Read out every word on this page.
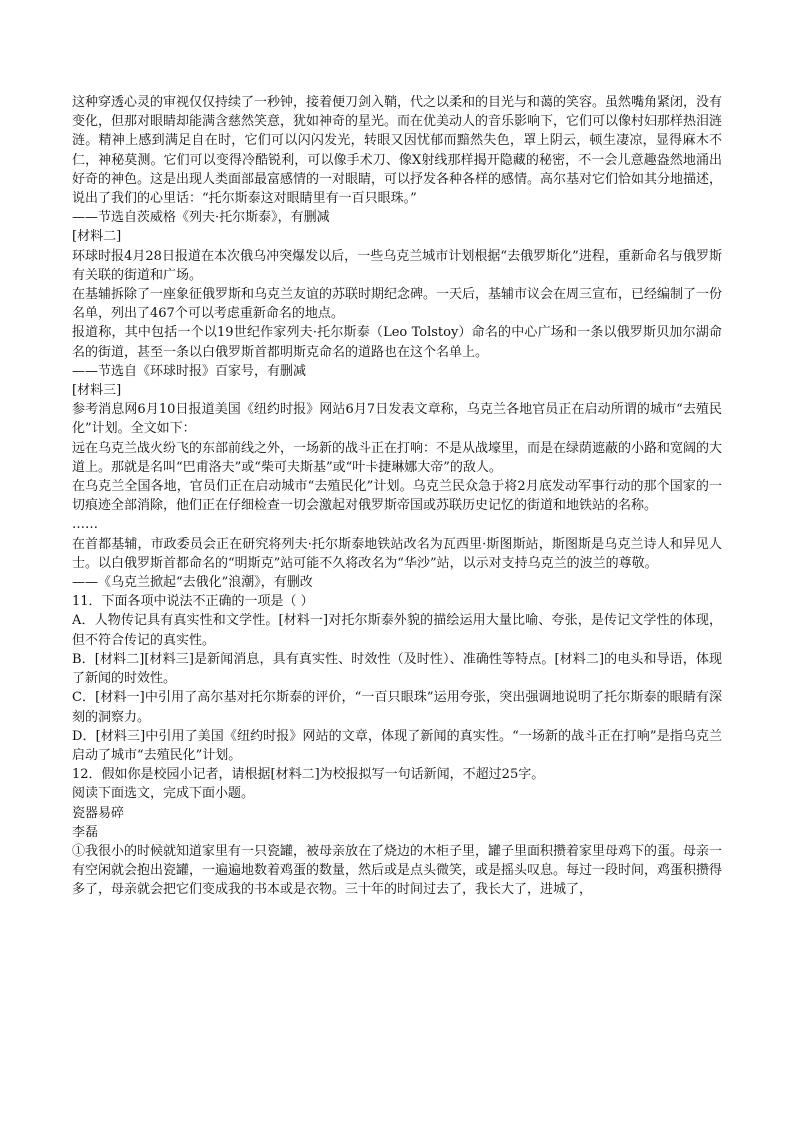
这种穿透心灵的审视仅仅持续了一秒钟，接着便刀剑入鞘，代之以柔和的目光与和蔼的笑容。虽然嘴角紧闭，没有变化，但那对眼睛却能满含慈然笑意，犹如神奇的星光。而在优美动人的音乐影响下，它们可以像村妇那样热泪涟涟。精神上感到满足自在时，它们可以闪闪发光，转眼又因忧郁而黯然失色，罩上阴云，顿生凄凉，显得麻木不仁，神秘莫测。它们可以变得冷酷锐利，可以像手术刀、像X射线那样揭开隐藏的秘密，不一会儿意趣盎然地涌出好奇的神色。这是出现人类面部最富感情的一对眼睛，可以抒发各种各样的感情。高尔基对它们恰如其分地描述，说出了我们的心里话：“托尔斯泰这对眼睛里有一百只眼珠。”

——节选自茨威格《列夫·托尔斯泰》，有删减

[材料二]

环球时报4月28日报道在本次俄乌冲突爆发以后，一些乌克兰城市计划根据“去俄罗斯化”进程，重新命名与俄罗斯有关联的街道和广场。

在基辅拆除了一座象征俄罗斯和乌克兰友谊的苏联时期纪念碑。一天后，基辅市议会在周三宣布，已经编制了一份名单，列出了467个可以考虑重新命名的地点。

报道称，其中包括一个以19世纪作家列夫·托尔斯泰（Leo Tolstoy）命名的中心广场和一条以俄罗斯贝加尔湖命名的街道，甚至一条以白俄罗斯首都明斯克命名的道路也在这个名单上。

——节选自《环球时报》百家号，有删减

[材料三]

参考消息网6月10日报道美国《纽约时报》网站6月7日发表文章称，乌克兰各地官员正在启动所谓的城市“去殖民化”计划。全文如下：

远在乌克兰战火纷飞的东部前线之外，一场新的战斗正在打响：不是从战壕里，而是在绿荫遮蔽的小路和宽阔的大道上。那就是名叫“巴甫洛夫”或“柴可夫斯基”或“叶卡捷琳娜大帝”的敌人。

在乌克兰全国各地，官员们正在启动城市“去殖民化”计划。乌克兰民众急于将2月底发动军事行动的那个国家的一切痕迹全部消除，他们正在仔细检查一切会激起对俄罗斯帝国或苏联历史记忆的街道和地铁站的名称。

……

在首都基辅，市政委员会正在研究将列夫·托尔斯泰地铁站改名为瓦西里·斯图斯站，斯图斯是乌克兰诗人和异见人士。以白俄罗斯首都命名的“明斯克”站可能不久将改名为“华沙”站，以示对支持乌克兰的波兰的尊敬。

——《乌克兰掀起“去俄化”浪潮》，有删改

11．下面各项中说法不正确的一项是（ ）

A．人物传记具有真实性和文学性。[材料一]对托尔斯泰外貌的描绘运用大量比喻、夸张，是传记文学性的体现，但不符合传记的真实性。

B．[材料二][材料三]是新闻消息，具有真实性、时效性（及时性）、准确性等特点。[材料二]的电头和导语，体现了新闻的时效性。

C．[材料一]中引用了高尔基对托尔斯泰的评价，“一百只眼珠”运用夸张，突出强调地说明了托尔斯泰的眼睛有深刻的洞察力。

D．[材料三]中引用了美国《纽约时报》网站的文章，体现了新闻的真实性。“一场新的战斗正在打响”是指乌克兰启动了城市“去殖民化”计划。

12．假如你是校园小记者，请根据[材料二]为校报拟写一句话新闻，不超过25字。

阅读下面选文，完成下面小题。

瓷器易碎

李磊

①我很小的时候就知道家里有一只瓷罐，被母亲放在了烧边的木柜子里，罐子里面积攒着家里母鸡下的蛋。母亲一有空闲就会抱出瓷罐，一遍遍地数着鸡蛋的数量，然后或是点头微笑，或是摇头叹息。每过一段时间，鸡蛋积攒得多了，母亲就会把它们变成我的书本或是衣物。三十年的时间过去了，我长大了，进城了，
